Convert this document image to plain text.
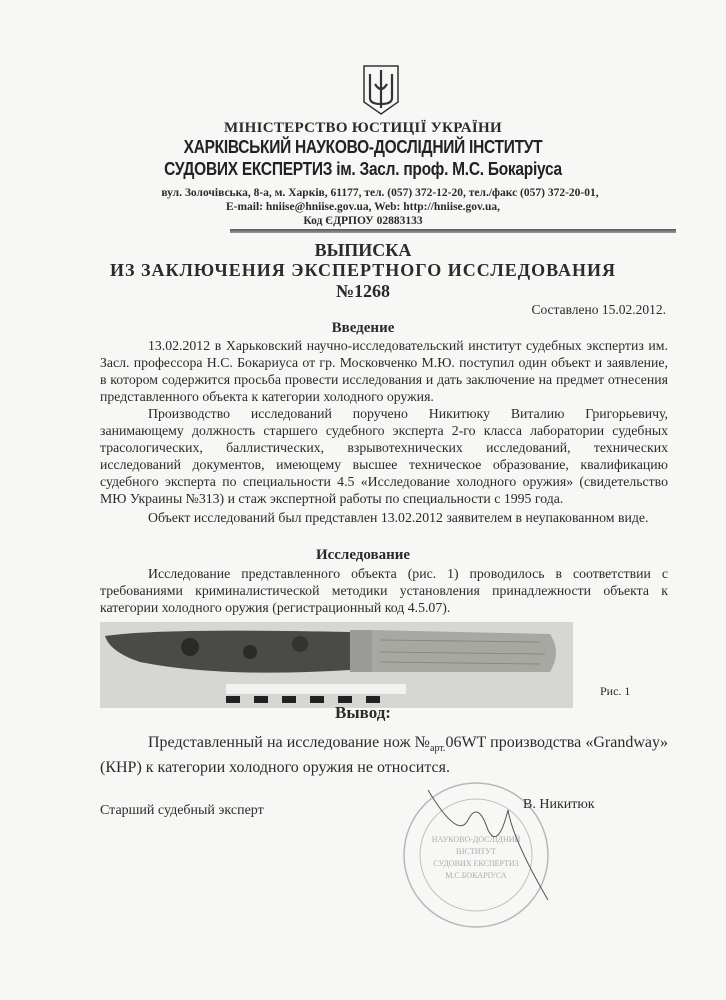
МІНІСТЕРСТВО ЮСТИЦІЇ УКРАЇНИ
ХАРКІВСЬКИЙ НАУКОВО-ДОСЛІДНИЙ ІНСТИТУТ
СУДОВИХ ЕКСПЕРТИЗ ім. Засл. проф. М.С. Бокаріуса
вул. Золочівська, 8-а, м. Харків, 61177, тел. (057) 372-12-20, тел./факс (057) 372-20-01,
E-mail: hniise@hniise.gov.ua, Web: http://hniise.gov.ua,
Код ЄДРПОУ 02883133
ВЫПИСКА
ИЗ ЗАКЛЮЧЕНИЯ ЭКСПЕРТНОГО ИССЛЕДОВАНИЯ
№1268
Составлено 15.02.2012.
Введение

13.02.2012 в Харьковский научно-исследовательский институт судебных экспертиз им. Засл. профессора Н.С. Бокариуса от гр. Московченко М.Ю. поступил один объект и заявление, в котором содержится просьба провести исследования и дать заключение на предмет отнесения представленного объекта к категории холодного оружия.

Производство исследований поручено Никитюку Виталию Григорьевичу, занимающему должность старшего судебного эксперта 2-го класса лаборатории судебных трасологических, баллистических, взрывотехнических исследований, технических исследований документов, имеющему высшее техническое образование, квалификацию судебного эксперта по специальности 4.5 «Исследование холодного оружия» (свидетельство МЮ Украины №313) и стаж экспертной работы по специальности с 1995 года.

Объект исследований был представлен 13.02.2012 заявителем в неупакованном виде.

Исследование

Исследование представленного объекта (рис. 1) проводилось в соответствии с требованиями криминалистической методики установления принадлежности объекта к категории холодного оружия (регистрационный код 4.5.07).

Рис. 1
Вывод:

Представленный на исследование нож $№_{арт.}06WT$ производства «Grandway» (КНР) к категории холодного оружия не относится.

НАУКОВО-ДОСЛІДНИЙ
ІНСТИТУТ
СУДОВИХ ЕКСПЕРТИЗ
М.С.БОКАРІУСА
Старший судебный эксперт	В. Никитюк
